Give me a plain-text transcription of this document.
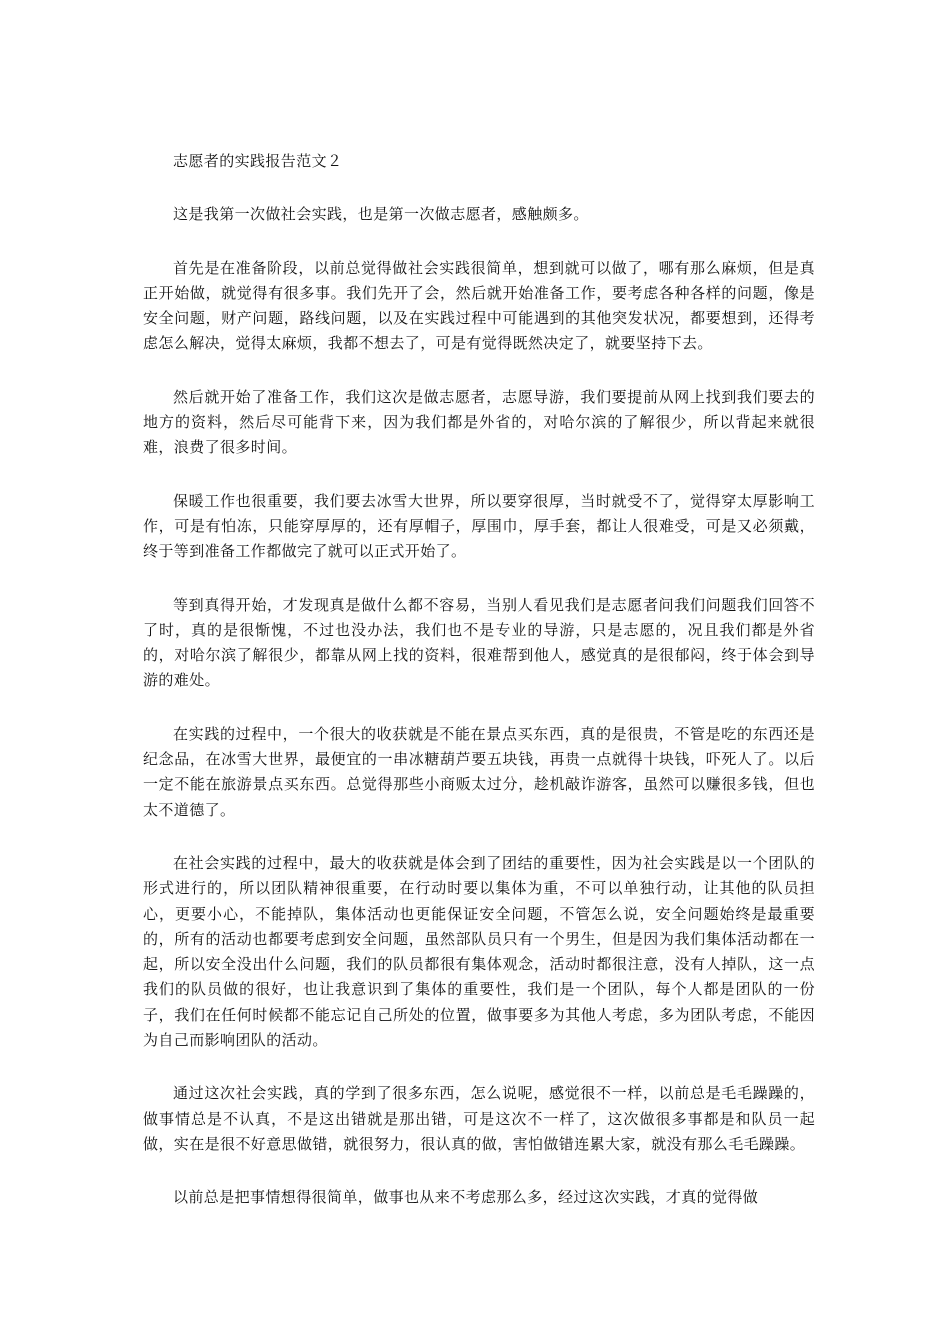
志愿者的实践报告范文２

这是我第一次做社会实践，也是第一次做志愿者，感触颇多。

首先是在准备阶段，以前总觉得做社会实践很简单，想到就可以做了，哪有那么麻烦，但是真正开始做，就觉得有很多事。我们先开了会，然后就开始准备工作，要考虑各种各样的问题，像是安全问题，财产问题，路线问题，以及在实践过程中可能遇到的其他突发状况，都要想到，还得考虑怎么解决，觉得太麻烦，我都不想去了，可是有觉得既然决定了，就要坚持下去。

然后就开始了准备工作，我们这次是做志愿者，志愿导游，我们要提前从网上找到我们要去的地方的资料，然后尽可能背下来，因为我们都是外省的，对哈尔滨的了解很少，所以背起来就很难，浪费了很多时间。

保暖工作也很重要，我们要去冰雪大世界，所以要穿很厚，当时就受不了，觉得穿太厚影响工作，可是有怕冻，只能穿厚厚的，还有厚帽子，厚围巾，厚手套，都让人很难受，可是又必须戴，终于等到准备工作都做完了就可以正式开始了。

等到真得开始，才发现真是做什么都不容易，当别人看见我们是志愿者问我们问题我们回答不了时，真的是很惭愧，不过也没办法，我们也不是专业的导游，只是志愿的，况且我们都是外省的，对哈尔滨了解很少，都靠从网上找的资料，很难帮到他人，感觉真的是很郁闷，终于体会到导游的难处。

在实践的过程中，一个很大的收获就是不能在景点买东西，真的是很贵，不管是吃的东西还是纪念品，在冰雪大世界，最便宜的一串冰糖葫芦要五块钱，再贵一点就得十块钱，吓死人了。以后一定不能在旅游景点买东西。总觉得那些小商贩太过分，趁机敲诈游客，虽然可以赚很多钱，但也太不道德了。

在社会实践的过程中，最大的收获就是体会到了团结的重要性，因为社会实践是以一个团队的形式进行的，所以团队精神很重要，在行动时要以集体为重，不可以单独行动，让其他的队员担心，更要小心，不能掉队，集体活动也更能保证安全问题，不管怎么说，安全问题始终是最重要的，所有的活动也都要考虑到安全问题，虽然部队员只有一个男生，但是因为我们集体活动都在一起，所以安全没出什么问题，我们的队员都很有集体观念，活动时都很注意，没有人掉队，这一点我们的队员做的很好，也让我意识到了集体的重要性，我们是一个团队，每个人都是团队的一份子，我们在任何时候都不能忘记自己所处的位置，做事要多为其他人考虑，多为团队考虑，不能因为自己而影响团队的活动。

通过这次社会实践，真的学到了很多东西，怎么说呢，感觉很不一样，以前总是毛毛躁躁的，做事情总是不认真，不是这出错就是那出错，可是这次不一样了，这次做很多事都是和队员一起做，实在是很不好意思做错，就很努力，很认真的做，害怕做错连累大家，就没有那么毛毛躁躁。

以前总是把事情想得很简单，做事也从来不考虑那么多，经过这次实践，才真的觉得做
